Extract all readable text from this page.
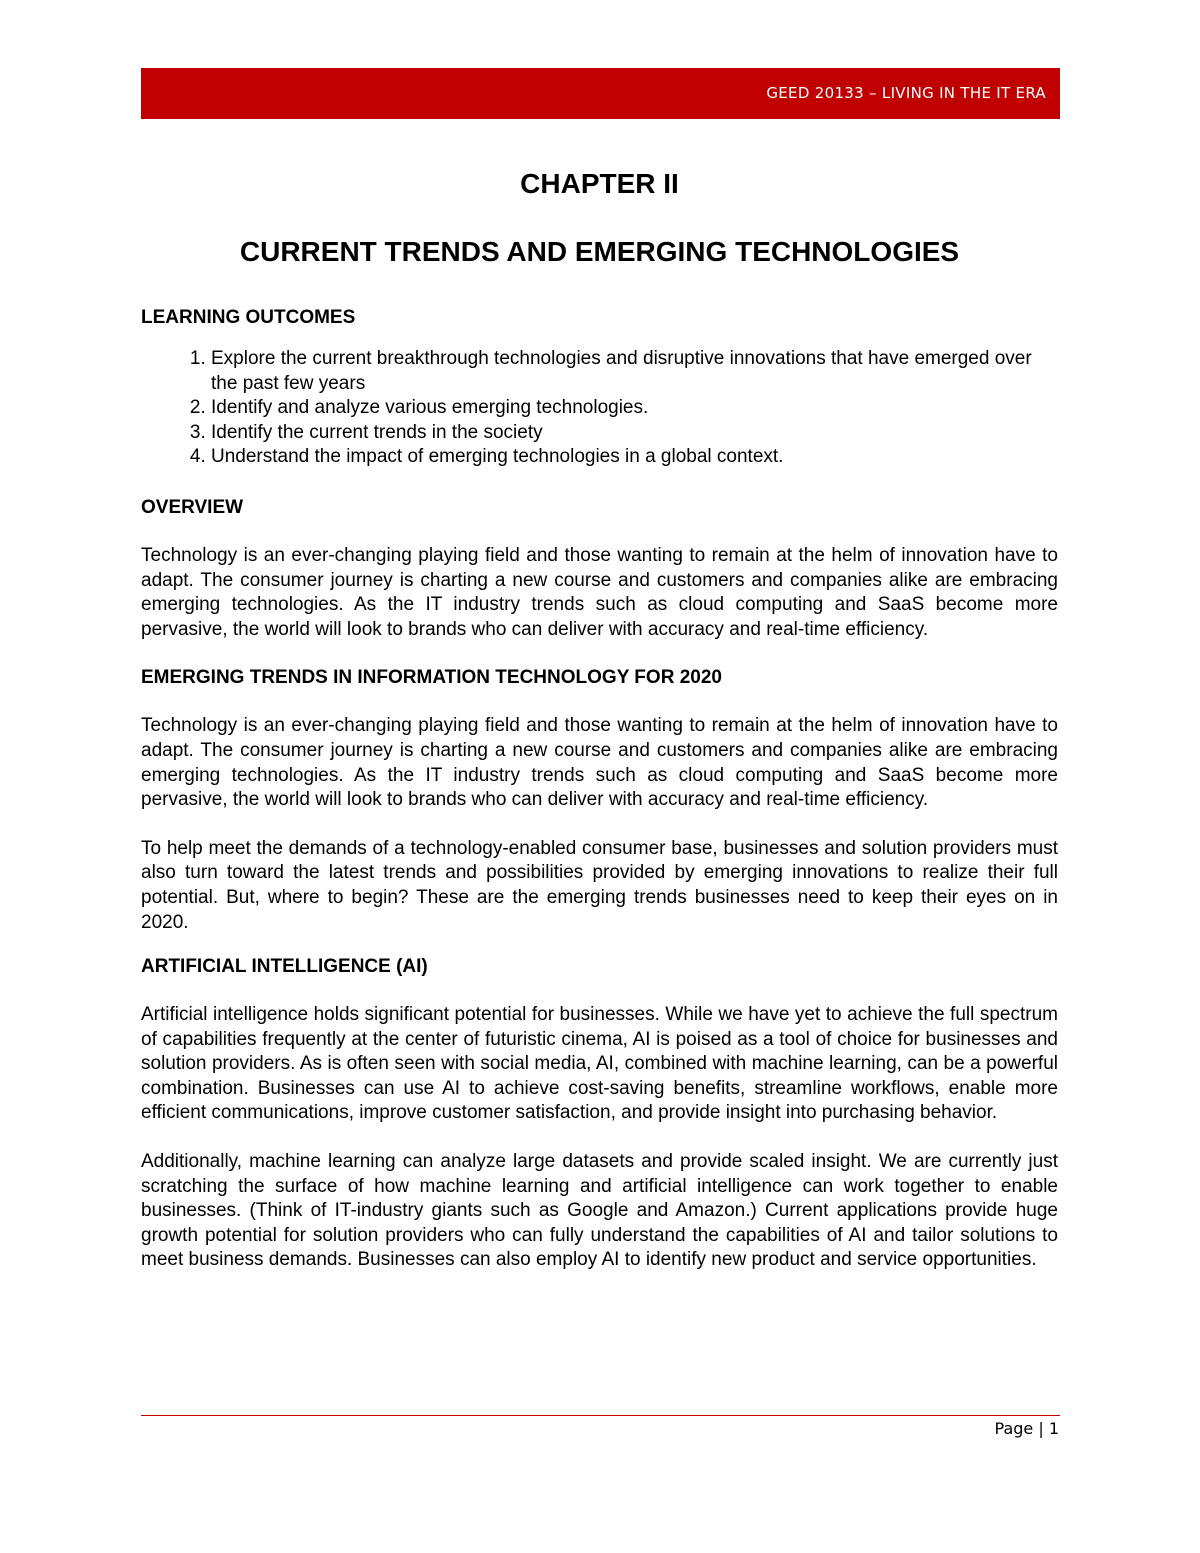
GEED 20133 – LIVING IN THE IT ERA
CHAPTER II
CURRENT TRENDS AND EMERGING TECHNOLOGIES
LEARNING OUTCOMES
1. Explore the current breakthrough technologies and disruptive innovations that have emerged over the past few years
2. Identify and analyze various emerging technologies.
3. Identify the current trends in the society
4. Understand the impact of emerging technologies in a global context.
OVERVIEW

Technology is an ever-changing playing field and those wanting to remain at the helm of innovation have to adapt. The consumer journey is charting a new course and customers and companies alike are embracing emerging technologies. As the IT industry trends such as cloud computing and SaaS become more pervasive, the world will look to brands who can deliver with accuracy and real-time efficiency.

EMERGING TRENDS IN INFORMATION TECHNOLOGY FOR 2020

Technology is an ever-changing playing field and those wanting to remain at the helm of innovation have to adapt. The consumer journey is charting a new course and customers and companies alike are embracing emerging technologies. As the IT industry trends such as cloud computing and SaaS become more pervasive, the world will look to brands who can deliver with accuracy and real-time efficiency.

To help meet the demands of a technology-enabled consumer base, businesses and solution providers must also turn toward the latest trends and possibilities provided by emerging innovations to realize their full potential. But, where to begin? These are the emerging trends businesses need to keep their eyes on in 2020.

ARTIFICIAL INTELLIGENCE (AI)

Artificial intelligence holds significant potential for businesses. While we have yet to achieve the full spectrum of capabilities frequently at the center of futuristic cinema, AI is poised as a tool of choice for businesses and solution providers. As is often seen with social media, AI, combined with machine learning, can be a powerful combination. Businesses can use AI to achieve cost-saving benefits, streamline workflows, enable more efficient communications, improve customer satisfaction, and provide insight into purchasing behavior.

Additionally, machine learning can analyze large datasets and provide scaled insight. We are currently just scratching the surface of how machine learning and artificial intelligence can work together to enable businesses. (Think of IT-industry giants such as Google and Amazon.) Current applications provide huge growth potential for solution providers who can fully understand the capabilities of AI and tailor solutions to meet business demands. Businesses can also employ AI to identify new product and service opportunities.

Page | 1
